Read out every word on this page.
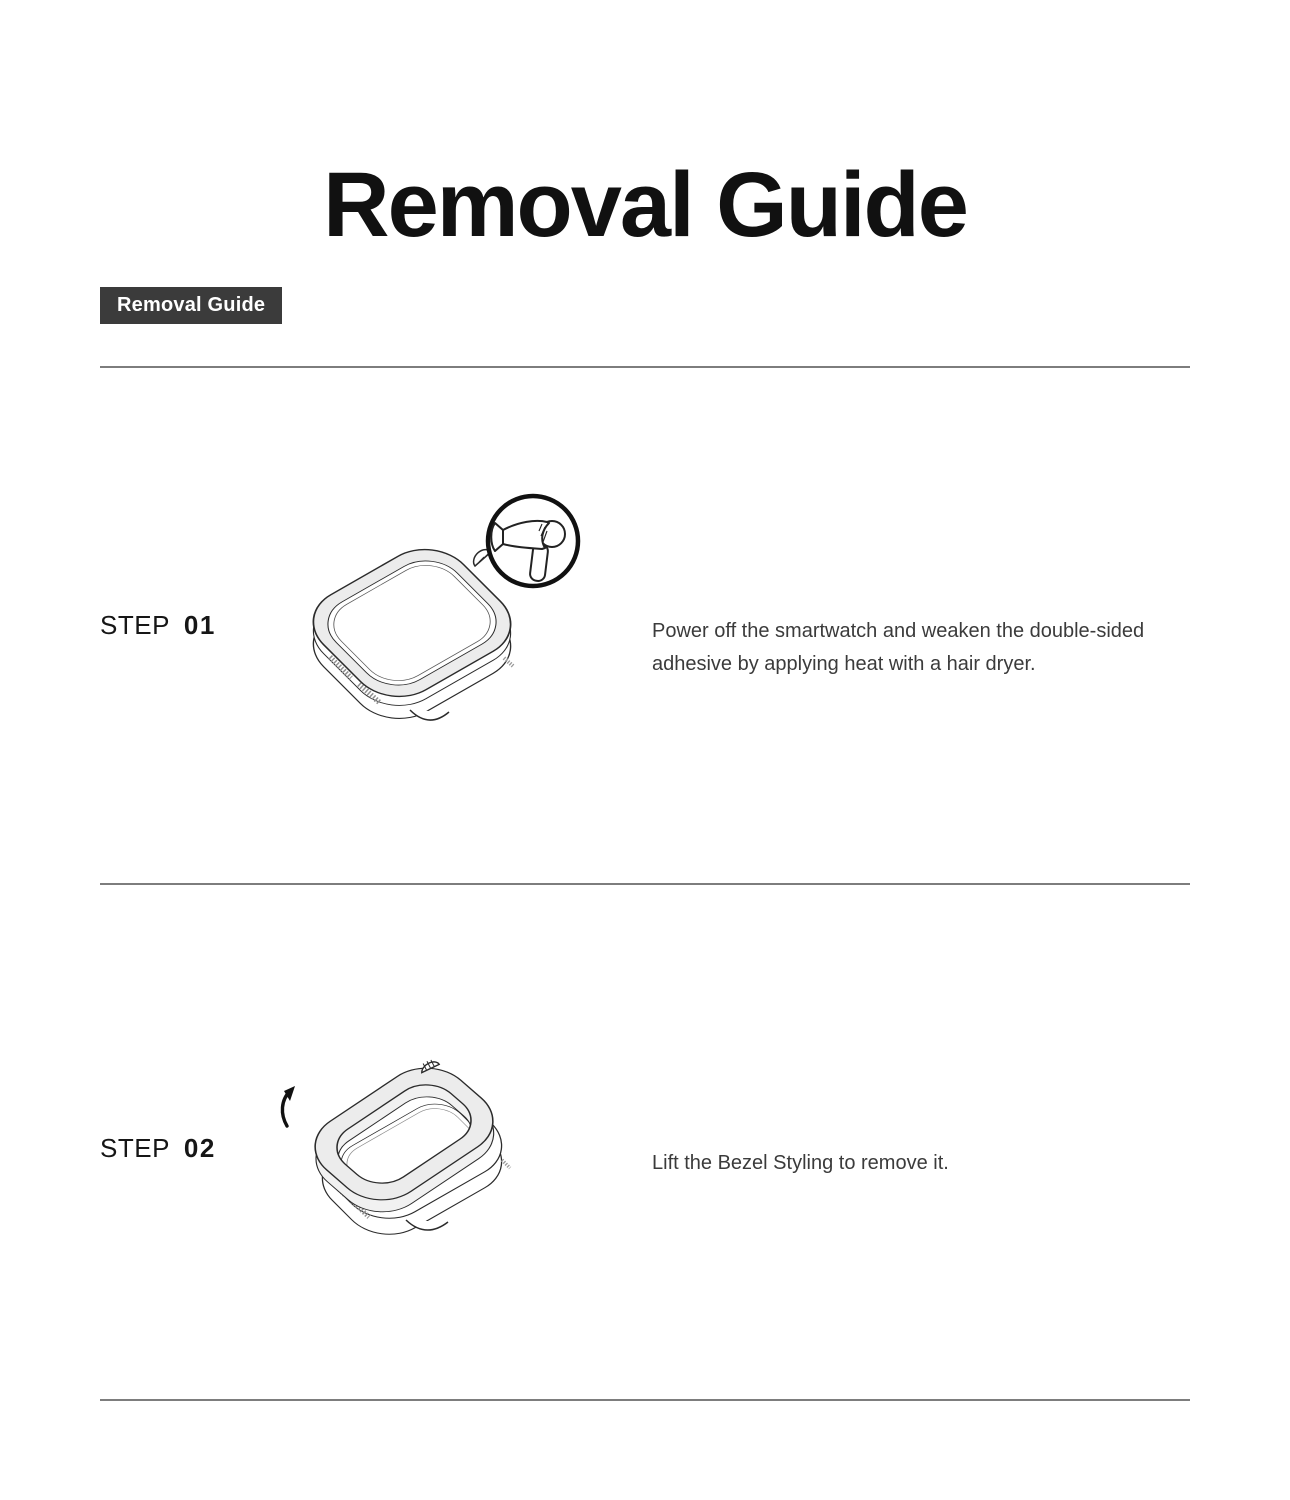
Removal Guide
Removal Guide
STEP 01	Power off the smartwatch and weaken the double-sided adhesive by applying heat with a hair dryer.

STEP 02	Lift the Bezel Styling to remove it.
